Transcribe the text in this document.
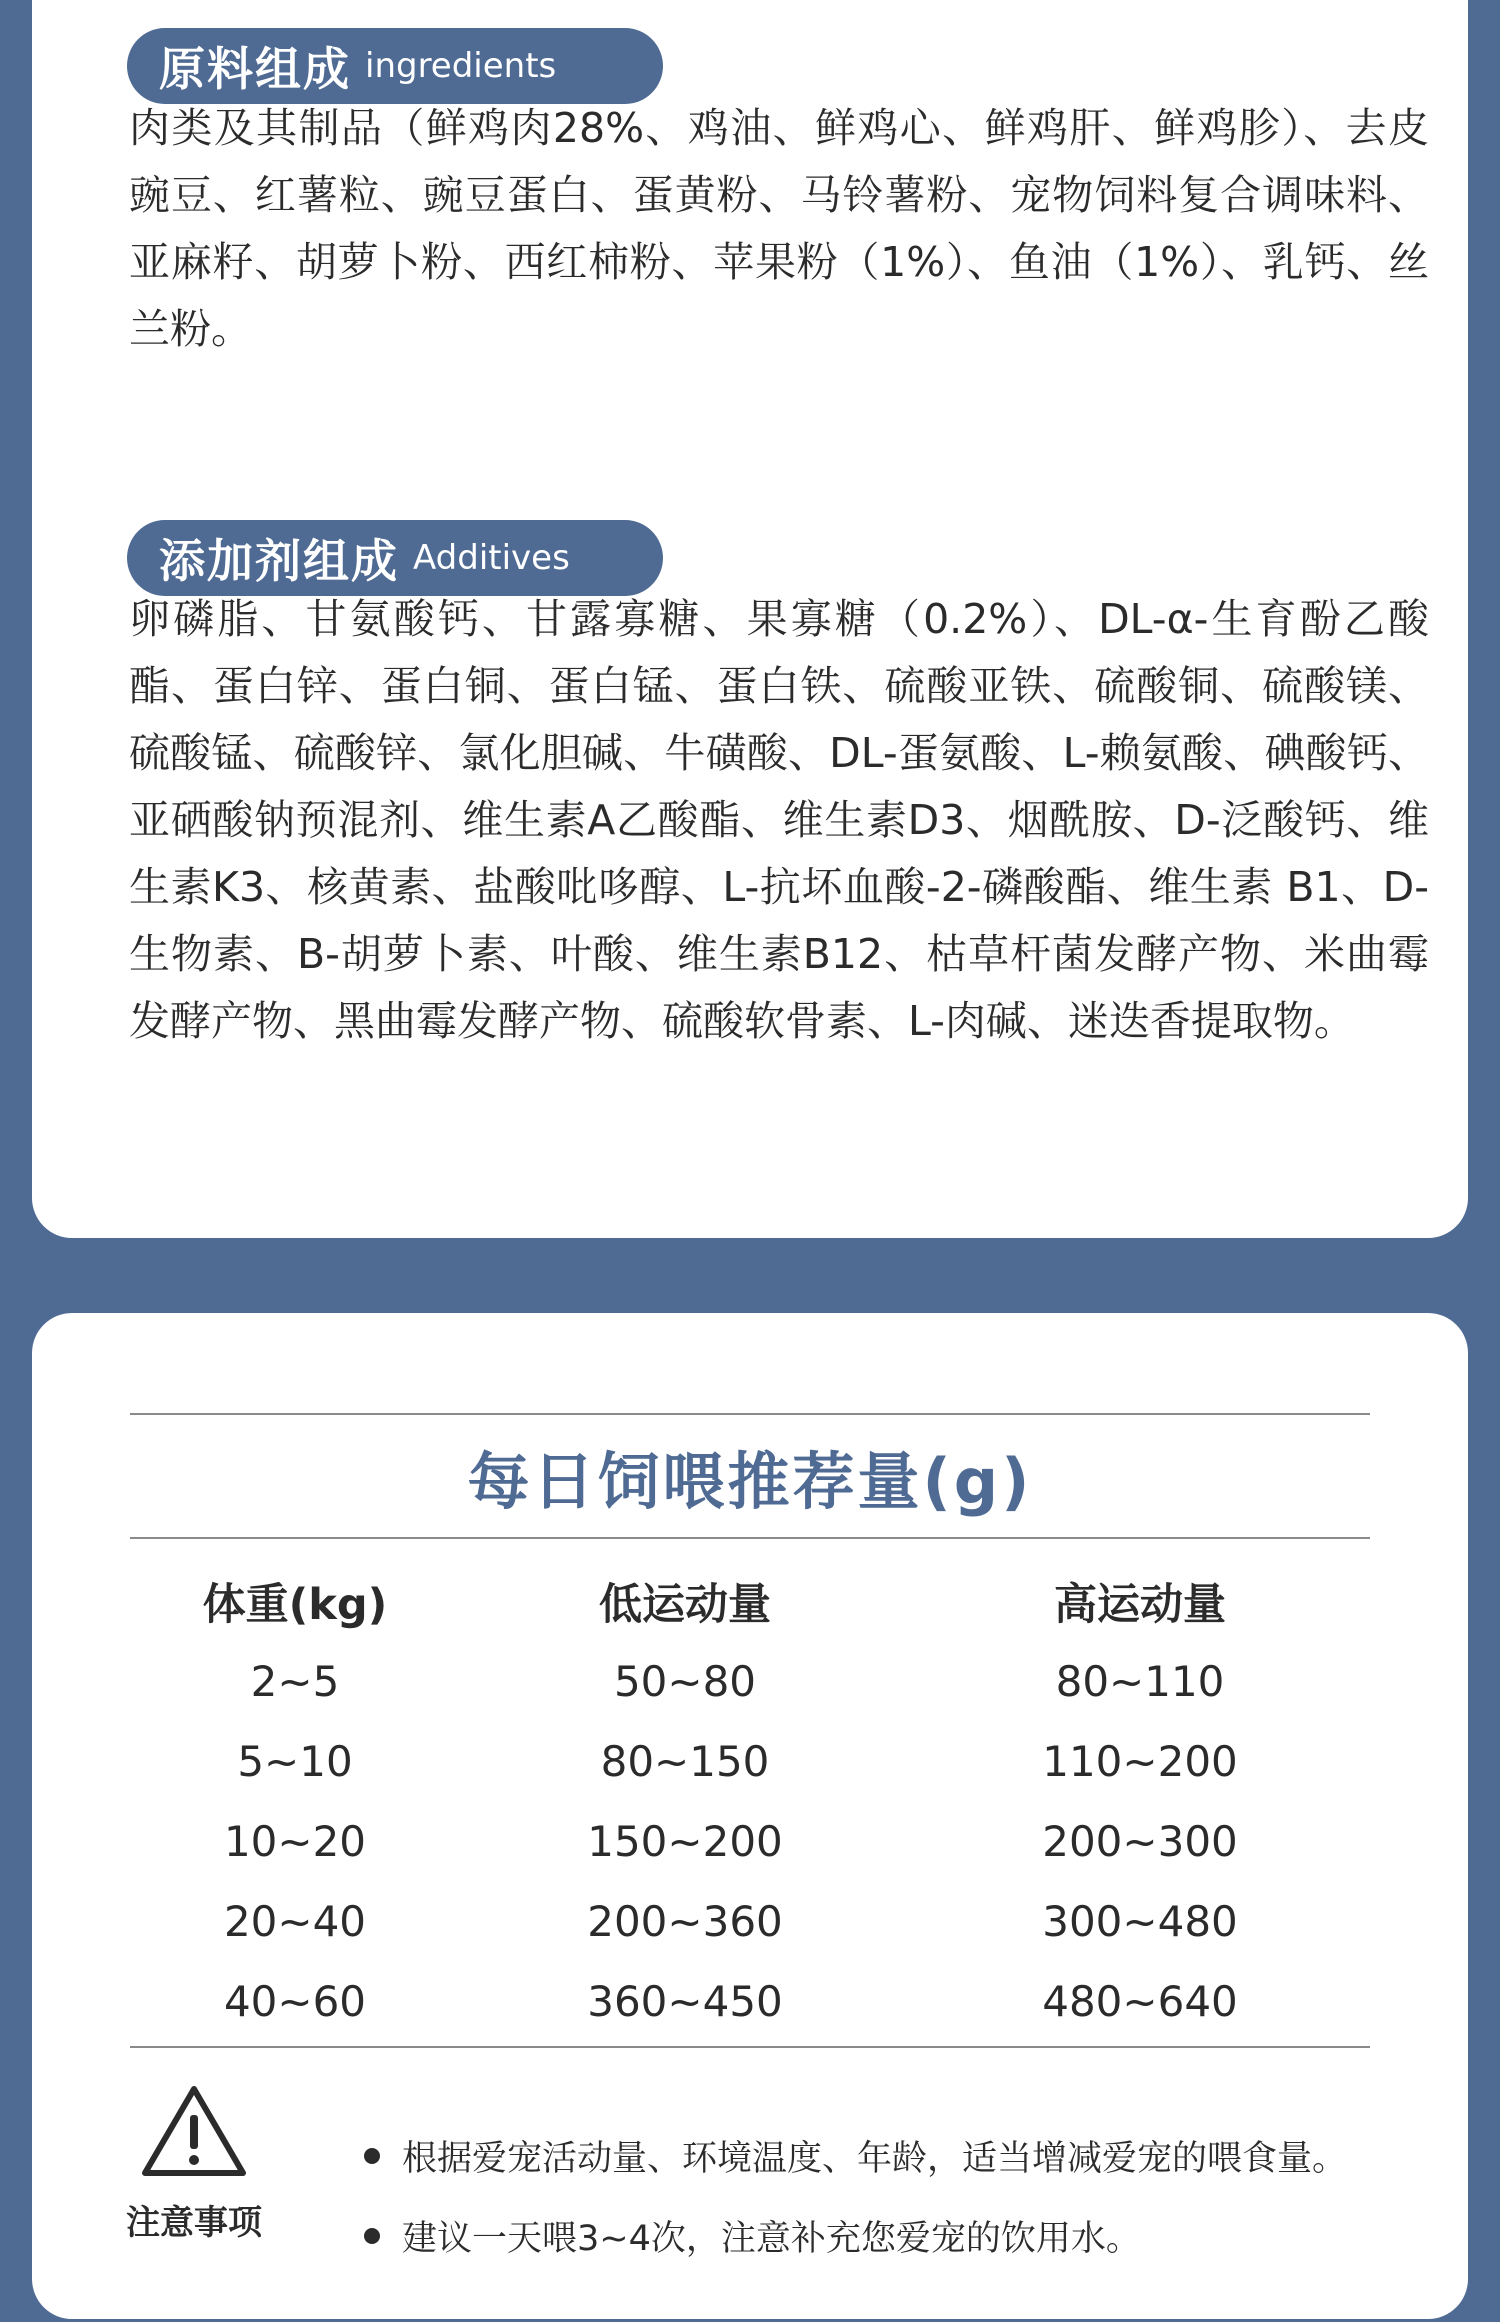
原料组成 ingredients

肉类及其制品（鲜鸡肉28%、鸡油、鲜鸡心、鲜鸡肝、鲜鸡胗）、去皮豌豆、红薯粒、豌豆蛋白、蛋黄粉、马铃薯粉、宠物饲料复合调味料、亚麻籽、胡萝卜粉、西红柿粉、苹果粉（1%）、鱼油（1%）、乳钙、丝兰粉。

添加剂组成 Additives

卵磷脂、甘氨酸钙、甘露寡糖、果寡糖（0.2%）、DL-α-生育酚乙酸酯、蛋白锌、蛋白铜、蛋白锰、蛋白铁、硫酸亚铁、硫酸铜、硫酸镁、硫酸锰、硫酸锌、氯化胆碱、牛磺酸、DL-蛋氨酸、L-赖氨酸、碘酸钙、亚硒酸钠预混剂、维生素A乙酸酯、维生素D3、烟酰胺、D-泛酸钙、维生素K3、核黄素、盐酸吡哆醇、L-抗坏血酸-2-磷酸酯、维生素 B1、D-生物素、B-胡萝卜素、叶酸、维生素B12、枯草杆菌发酵产物、米曲霉发酵产物、黑曲霉发酵产物、硫酸软骨素、L-肉碱、迷迭香提取物。

每日饲喂推荐量(g)
体重(kg)	低运动量	高运动量
2~5	50~80	80~110
5~10	80~150	110~200
10~20	150~200	200~300
20~40	200~360	300~480
40~60	360~450	480~640
注意事项
根据爱宠活动量、环境温度、年龄，适当增减爱宠的喂食量。
建议一天喂3~4次，注意补充您爱宠的饮用水。
